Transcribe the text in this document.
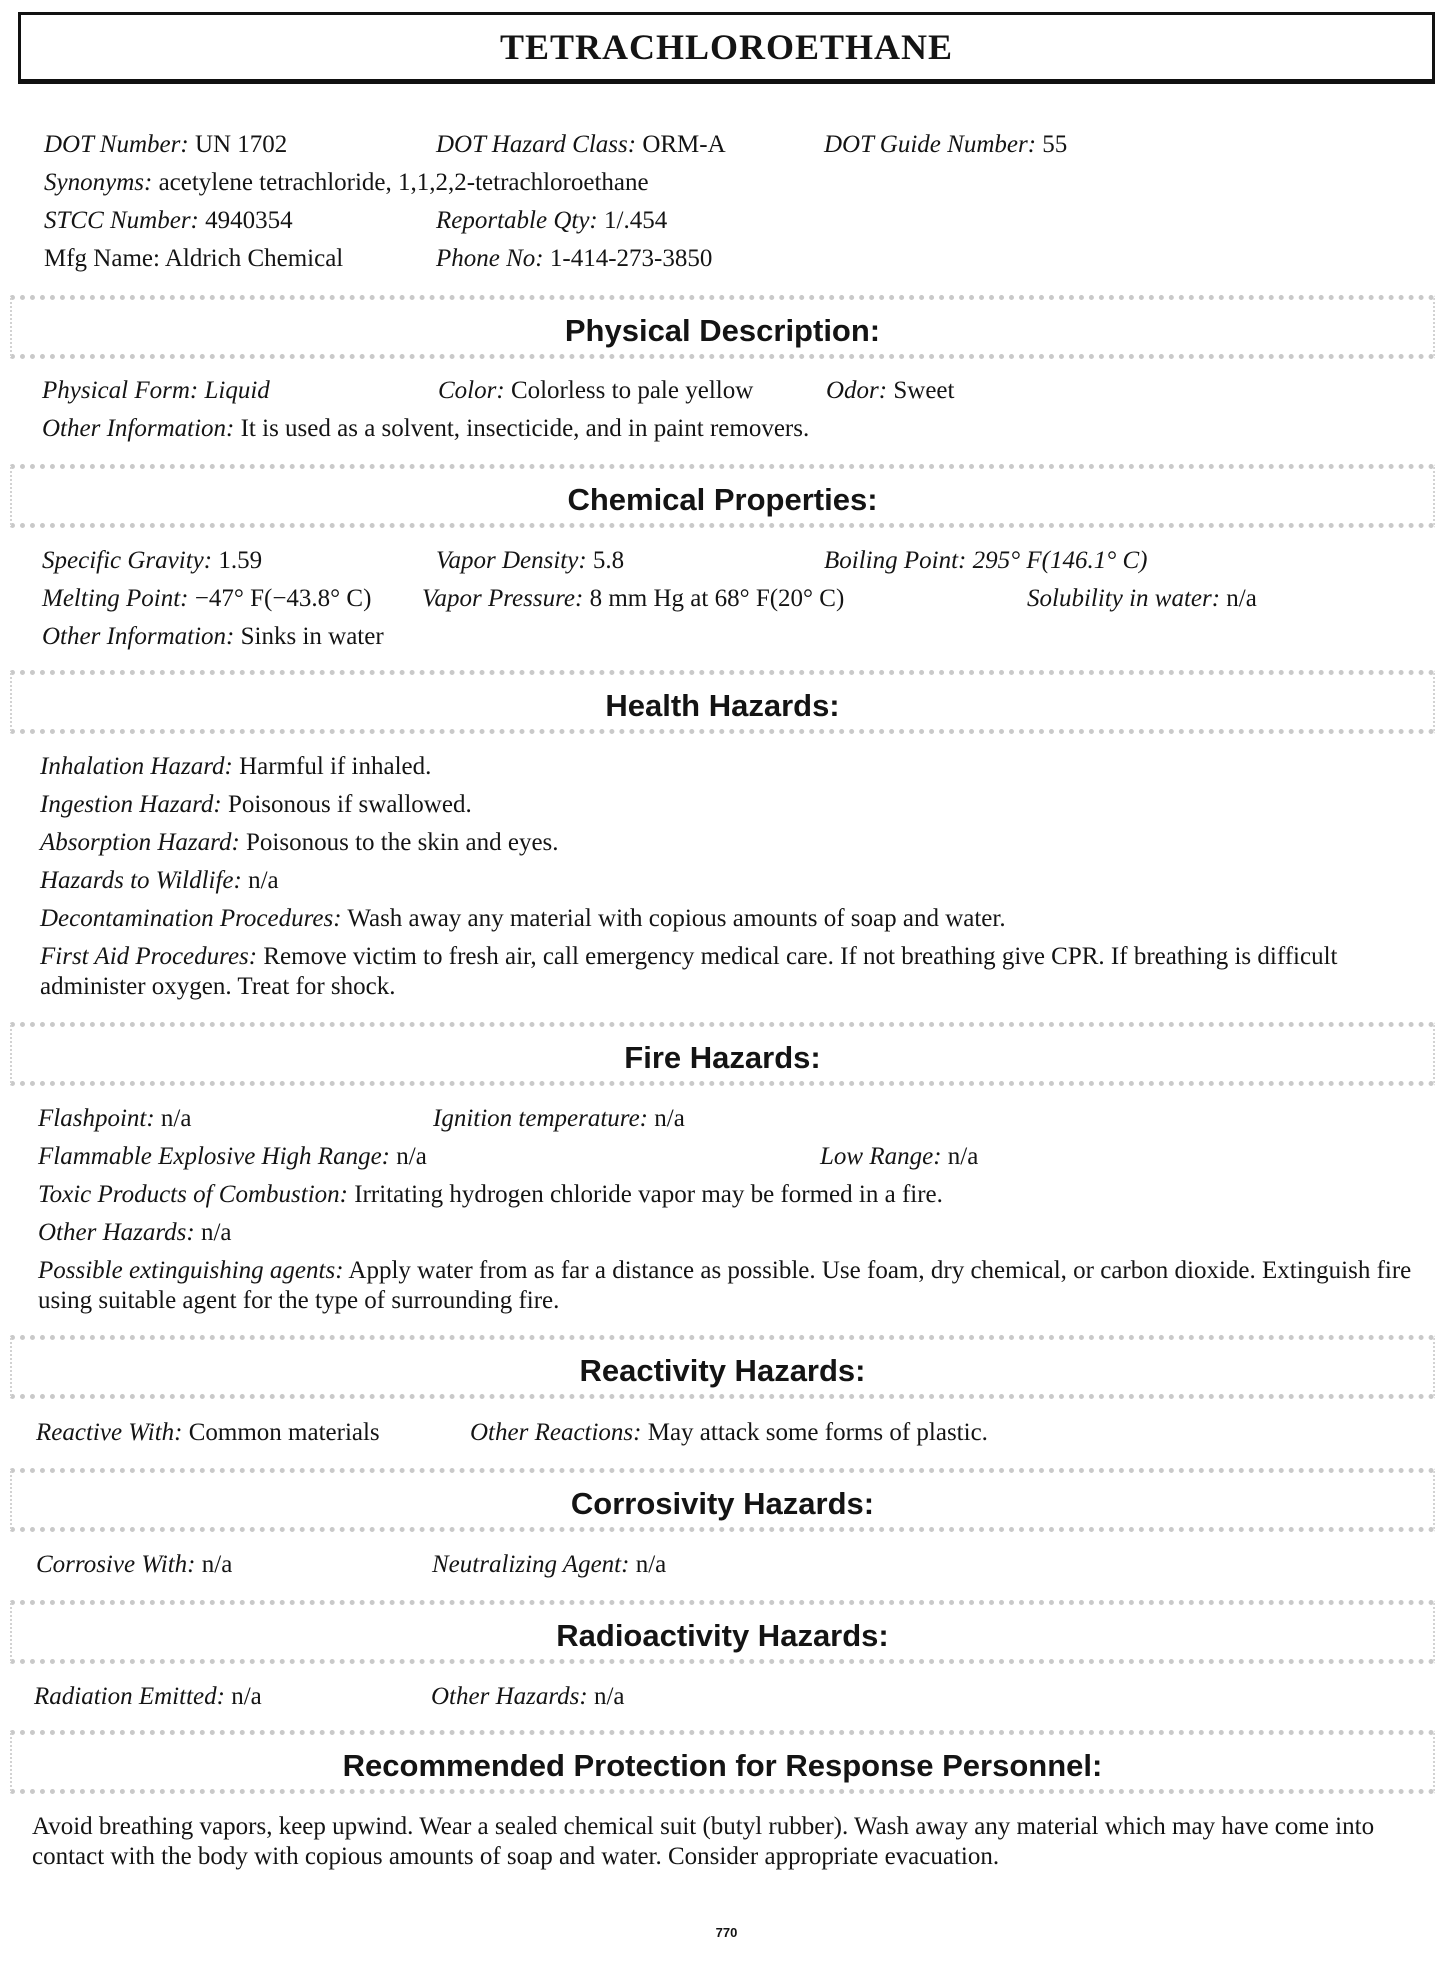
TETRACHLOROETHANE
DOT Number: UN 1702	DOT Hazard Class: ORM-A	DOT Guide Number: 55
Synonyms: acetylene tetrachloride, 1,1,2,2-tetrachloroethane
STCC Number: 4940354	Reportable Qty: 1/.454
Mfg Name: Aldrich Chemical	Phone No: 1-414-273-3850
Physical Description:
Physical Form: Liquid	Color: Colorless to pale yellow	Odor: Sweet
Other Information: It is used as a solvent, insecticide, and in paint removers.
Chemical Properties:
Specific Gravity: 1.59	Vapor Density: 5.8	Boiling Point: 295° F(146.1° C)
Melting Point: −47° F(−43.8° C) Vapor Pressure: 8 mm Hg at 68° F(20° C)	Solubility in water: n/a
Other Information: Sinks in water
Health Hazards:
Inhalation Hazard: Harmful if inhaled.
Ingestion Hazard: Poisonous if swallowed.
Absorption Hazard: Poisonous to the skin and eyes.
Hazards to Wildlife: n/a
Decontamination Procedures: Wash away any material with copious amounts of soap and water.
First Aid Procedures: Remove victim to fresh air, call emergency medical care. If not breathing give CPR. If breathing is difficult administer oxygen. Treat for shock.
Fire Hazards:
Flashpoint: n/a	Ignition temperature: n/a
Flammable Explosive High Range: n/a	Low Range: n/a
Toxic Products of Combustion: Irritating hydrogen chloride vapor may be formed in a fire.
Other Hazards: n/a
Possible extinguishing agents: Apply water from as far a distance as possible. Use foam, dry chemical, or carbon dioxide. Extinguish fire using suitable agent for the type of surrounding fire.
Reactivity Hazards:
Reactive With: Common materials	Other Reactions: May attack some forms of plastic.
Corrosivity Hazards:
Corrosive With: n/a	Neutralizing Agent: n/a
Radioactivity Hazards:
Radiation Emitted: n/a	Other Hazards: n/a
Recommended Protection for Response Personnel:
Avoid breathing vapors, keep upwind. Wear a sealed chemical suit (butyl rubber). Wash away any material which may have come into contact with the body with copious amounts of soap and water. Consider appropriate evacuation.
770
